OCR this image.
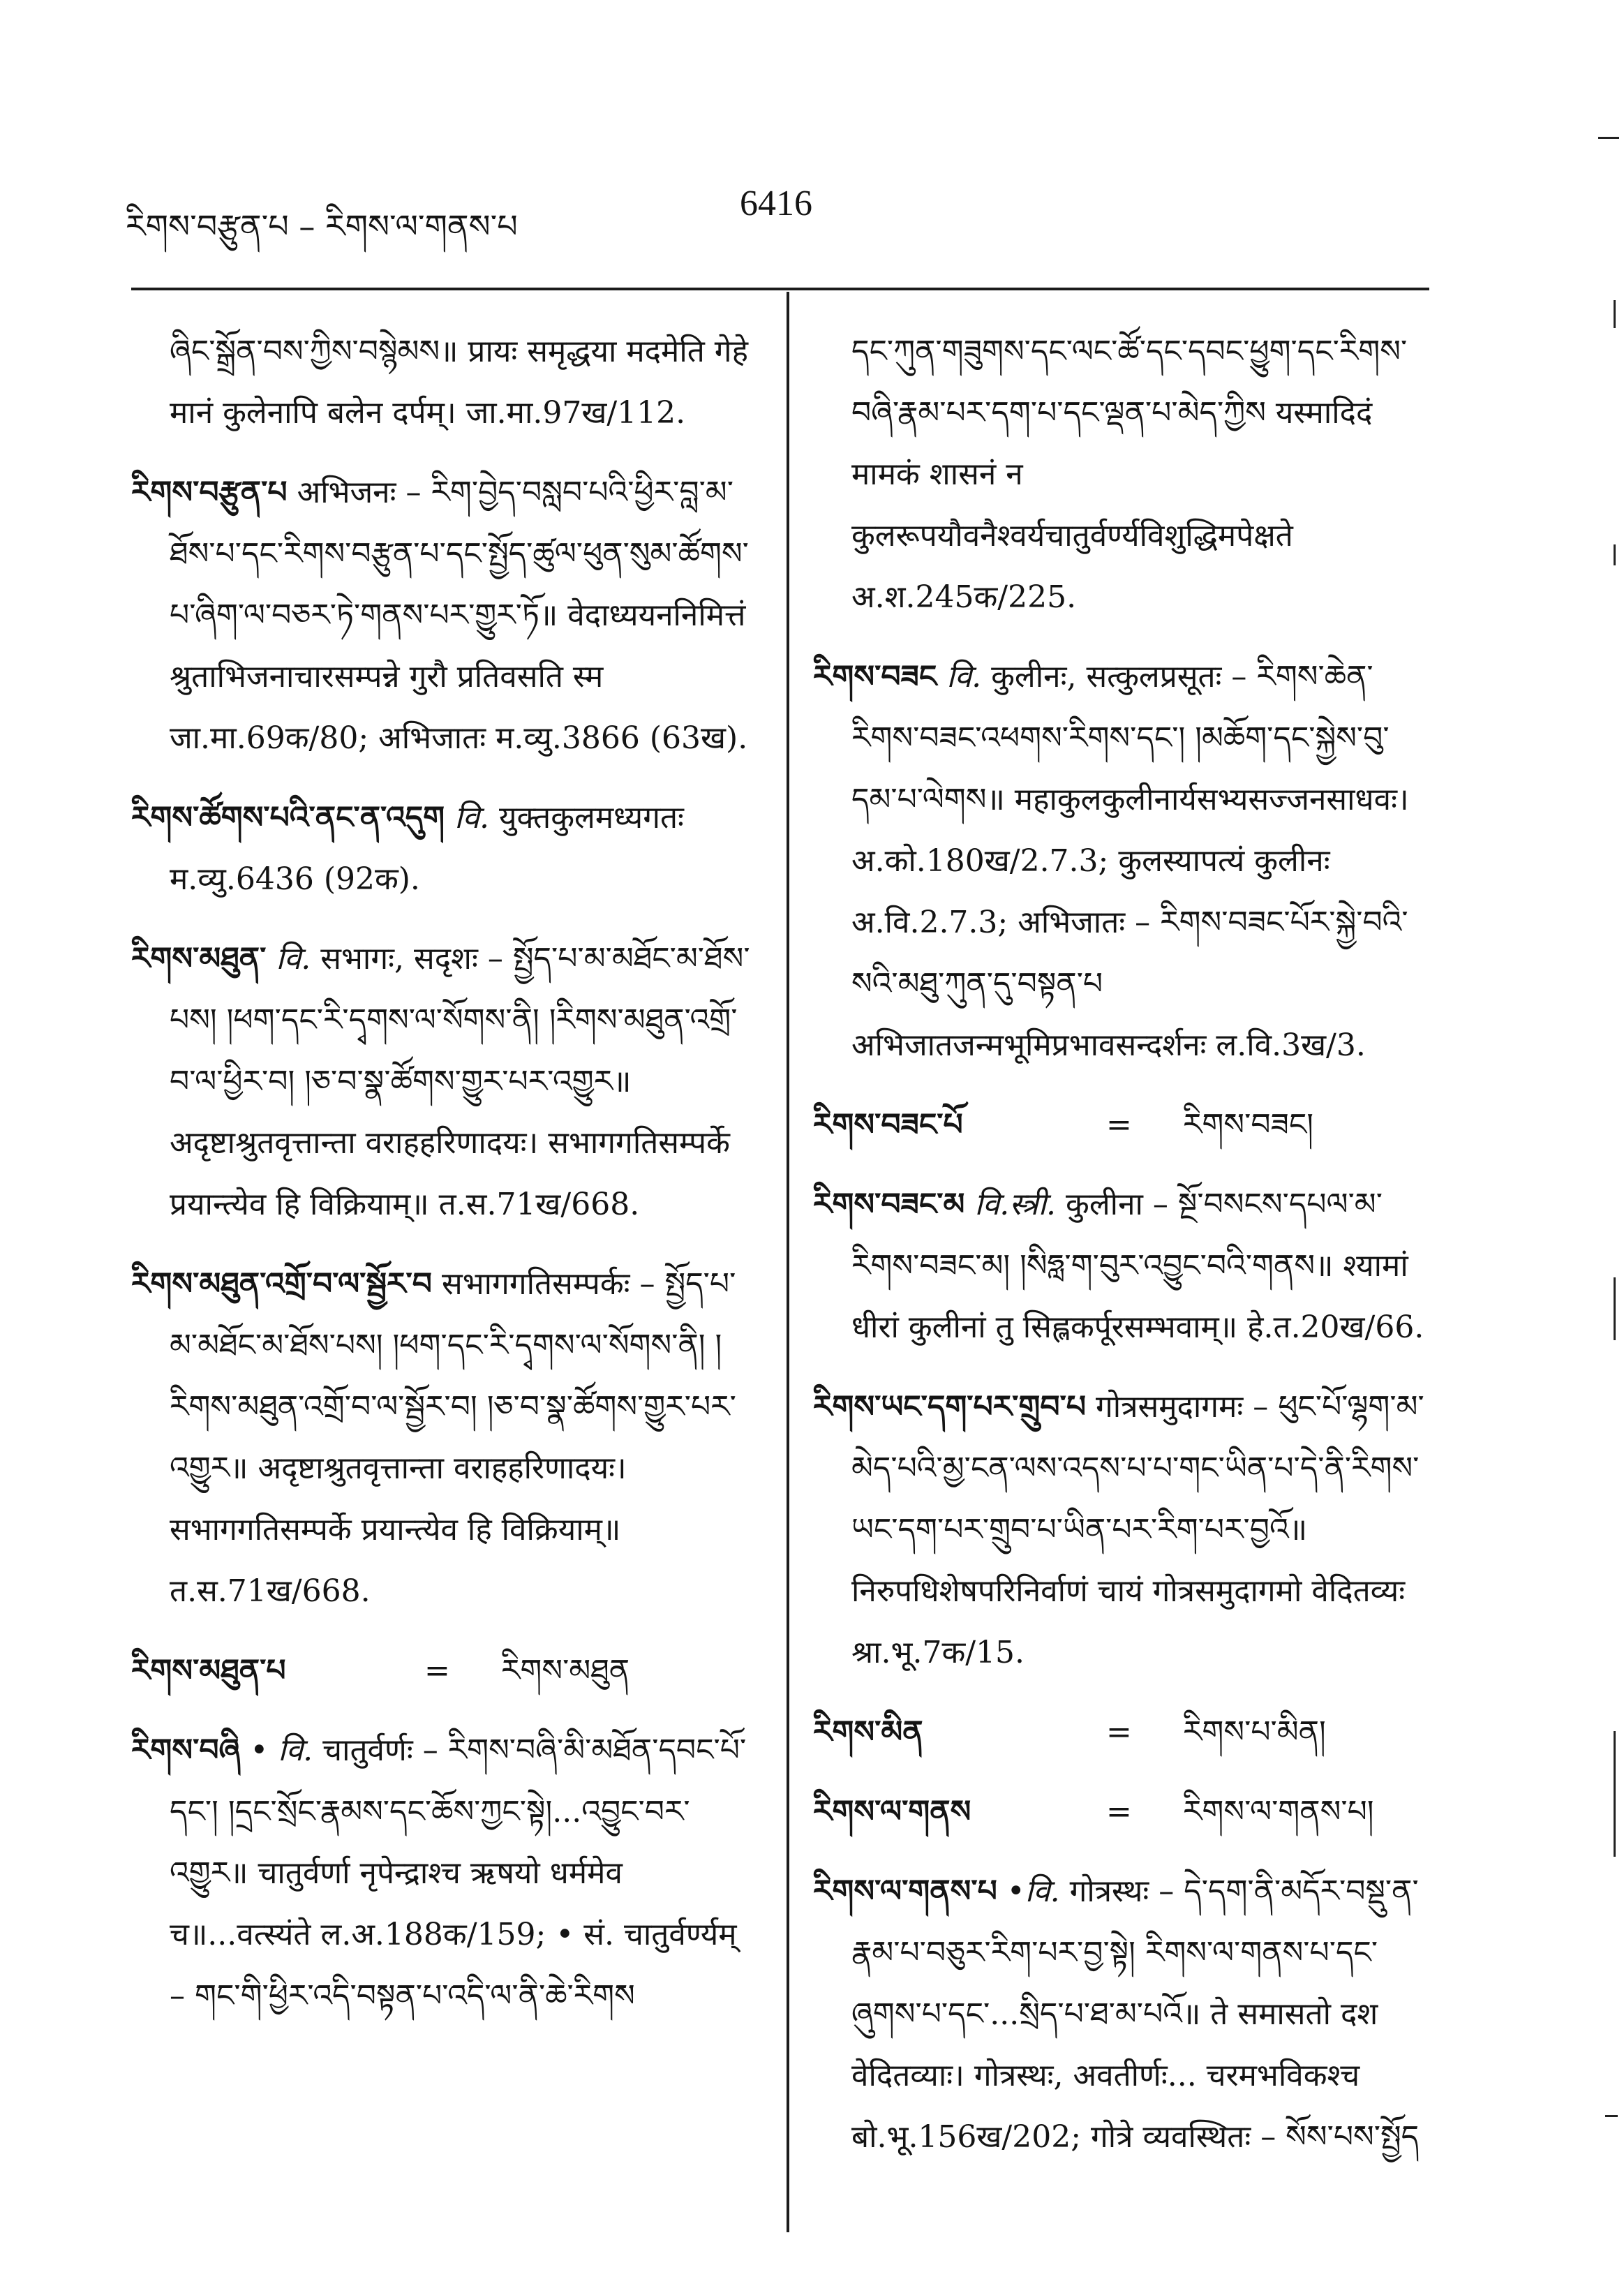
རིགས་བརྩུན་པ – རིགས་ལ་གནས་པ
6416

ཞིང་སྒྲོན་བས་ཀྱིས་བསྙེམས॥ प्रायः समृद्धया मदमेति गेहे मानं कुलेनापि बलेन दर्पम्। जा.मा.97ख/112.

རིགས་བརྩུན་པ अभिजनः – རིག་བྱེད་བསླབ་པའི་ཕྱིར་བླ་མ་ཐོས་པ་དང་རིགས་བརྩུན་པ་དང་སྤྱོད་ཚུལ་ཕུན་སུམ་ཚོགས་པ་ཞིག་ལ་བཅར་ཏེ་གནས་པར་གྱུར་ཏོ॥ वेदाध्ययननिमित्तं श्रुताभिजनाचारसम्पन्ने गुरौ प्रतिवसति स्म जा.मा.69क/80; अभिजातः म.व्यु.3866 (63ख).

རིགས་ཚོགས་པའི་ནང་ན་འདུག वि. युक्तकुलमध्यगतः म.व्यु.6436 (92क).

རིགས་མཐུན་ वि. सभागः, सदृशः – སྤྱོད་པ་མ་མཐོང་མ་ཐོས་པས། །ཕག་དང་རི་དྭགས་ལ་སོགས་ནི། །རིགས་མཐུན་འགྲོ་བ་ལ་ཕྱིར་བ། །ཅ་བ་སྣ་ཚོགས་གྱུར་པར་འགྱུར॥ अदृष्टाश्रुतवृत्तान्ता वराहहरिणादयः। सभागगतिसम्पर्के प्रयान्त्येव हि विक्रियाम्॥ त.स.71ख/668.

རིགས་མཐུན་འགྲོ་བ་ལ་སྦྱོར་བ सभागगतिसम्पर्कः – སྤྱོད་པ་མ་མཐོང་མ་ཐོས་པས། །ཕག་དང་རི་དྭགས་ལ་སོགས་ནི། །རིགས་མཐུན་འགྲོ་བ་ལ་སྦྱོར་བ། །ཅ་བ་སྣ་ཚོགས་གྱུར་པར་འགྱུར॥ अदृष्टाश्रुतवृत्तान्ता वराहहरिणादयः। सभागगतिसम्पर्के प्रयान्त्येव हि विक्रियाम्॥ त.स.71ख/668.

རིགས་མཐུན་པ	=	རིགས་མཐུན

རིགས་བཞི • वि. चातुर्वर्णः – རིགས་བཞི་མི་མཐོན་དབང་པོ་དང་། །དྲང་སྲོང་རྣམས་དང་ཆོས་ཀྱང་སྟེ།...འབྱུང་བར་འགྱུར॥ चातुर्वर्णा नृपेन्द्राश्च ऋषयो धर्ममेव च॥...वत्स्यंते ल.अ.188क/159; • सं. चातुर्वर्ण्यम् – གང་གི་ཕྱིར་འདི་བསྟན་པ་འདི་ལ་ནི་ཆེ་རིགས

དང་ཀུན་གཟུགས་དང་ལང་ཚོ་དང་དབང་ཕྱུག་དང་རིགས་བཞི་རྣམ་པར་དག་པ་དང་ལྡན་པ་མེད་ཀྱིས यस्मादिदं मामकं शासनं न कुलरूपयौवनैश्वर्यचातुर्वर्ण्यविशुद्धिमपेक्षते अ.श.245क/225.

རིགས་བཟང वि. कुलीनः, सत्कुलप्रसूतः – རིགས་ཆེན་རིགས་བཟང་འཕགས་རིགས་དང་། །མཆོག་དང་སྐྱེས་བུ་དམ་པ་ལེགས॥ महाकुलकुलीनार्यसभ्यसज्जनसाधवः। अ.को.180ख/2.7.3; कुलस्यापत्यं कुलीनः अ.वि.2.7.3; अभिजातः – རིགས་བཟང་པོར་སྐྱེ་བའི་སའི་མཐུ་ཀུན་དུ་བསྟན་པ अभिजातजन्मभूमिप्रभावसन्दर्शनः ल.वि.3ख/3.

རིགས་བཟང་པོ	=	རིགས་བཟང།

རིགས་བཟང་མ वि.स्त्री. कुलीना – སྔོ་བསངས་དཔལ་མ་རིགས་བཟང་མ། །སིཧླ་ག་བུར་འབྱུང་བའི་གནས॥ श्यामां धीरां कुलीनां तु सिह्लकर्पूरसम्भवाम्॥ हे.त.20ख/66.

རིགས་ཡང་དག་པར་གྲུབ་པ गोत्रसमुदागमः – ཕུང་པོ་ལྷག་མ་མེད་པའི་མྱ་ངན་ལས་འདས་པ་པ་གང་ཡིན་པ་དེ་ནི་རིགས་ཡང་དག་པར་གྲུབ་པ་ཡིན་པར་རིག་པར་བྱའོ॥ निरुपधिशेषपरिनिर्वाणं चायं गोत्रसमुदागमो वेदितव्यः श्रा.भू.7क/15.

རིགས་མིན	=	རིགས་པ་མིན།
རིགས་ལ་གནས	=	རིགས་ལ་གནས་པ།

རིགས་ལ་གནས་པ •वि. गोत्रस्थः – དེ་དག་ནི་མདོར་བསྡུ་ན་རྣམ་པ་བཅུར་རིག་པར་བྱ་སྟེ། རིགས་ལ་གནས་པ་དང་ཞུགས་པ་དང་...སྲིད་པ་ཐ་མ་པའོ॥ ते समासतो दश वेदितव्याः। गोत्रस्थः, अवतीर्णः... चरमभविकश्च बो.भू.156ख/202; गोत्रे व्यवस्थितः – སོས་པས་སྤྱོད
